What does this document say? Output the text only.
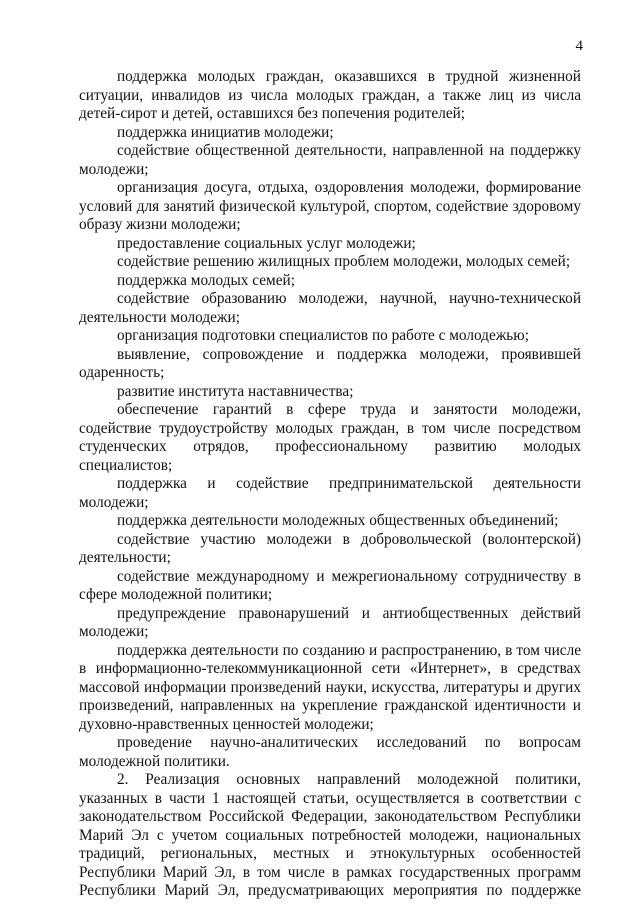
4

поддержка молодых граждан, оказавшихся в трудной жизненной ситуации, инвалидов из числа молодых граждан, а также лиц из числа детей-сирот и детей, оставшихся без попечения родителей;

поддержка инициатив молодежи;

содействие общественной деятельности, направленной на поддержку молодежи;

организация досуга, отдыха, оздоровления молодежи, формирование условий для занятий физической культурой, спортом, содействие здоровому образу жизни молодежи;

предоставление социальных услуг молодежи;

содействие решению жилищных проблем молодежи, молодых семей;

поддержка молодых семей;

содействие образованию молодежи, научной, научно-технической деятельности молодежи;

организация подготовки специалистов по работе с молодежью;

выявление, сопровождение и поддержка молодежи, проявившей одаренность;

развитие института наставничества;

обеспечение гарантий в сфере труда и занятости молодежи, содействие трудоустройству молодых граждан, в том числе посредством студенческих отрядов, профессиональному развитию молодых специалистов;

поддержка и содействие предпринимательской деятельности молодежи;

поддержка деятельности молодежных общественных объединений;

содействие участию молодежи в добровольческой (волонтерской) деятельности;

содействие международному и межрегиональному сотрудничеству в сфере молодежной политики;

предупреждение правонарушений и антиобщественных действий молодежи;

поддержка деятельности по созданию и распространению, в том числе в информационно-телекоммуникационной сети «Интернет», в средствах массовой информации произведений науки, искусства, литературы и других произведений, направленных на укрепление гражданской идентичности и духовно-нравственных ценностей молодежи;

проведение научно-аналитических исследований по вопросам молодежной политики.

2. Реализация основных направлений молодежной политики, указанных в части 1 настоящей статьи, осуществляется в соответствии с законодательством Российской Федерации, законодательством Республики Марий Эл с учетом социальных потребностей молодежи, национальных традиций, региональных, местных и этнокультурных особенностей Республики Марий Эл, в том числе в рамках государственных программ Республики Марий Эл, предусматривающих мероприятия по поддержке
